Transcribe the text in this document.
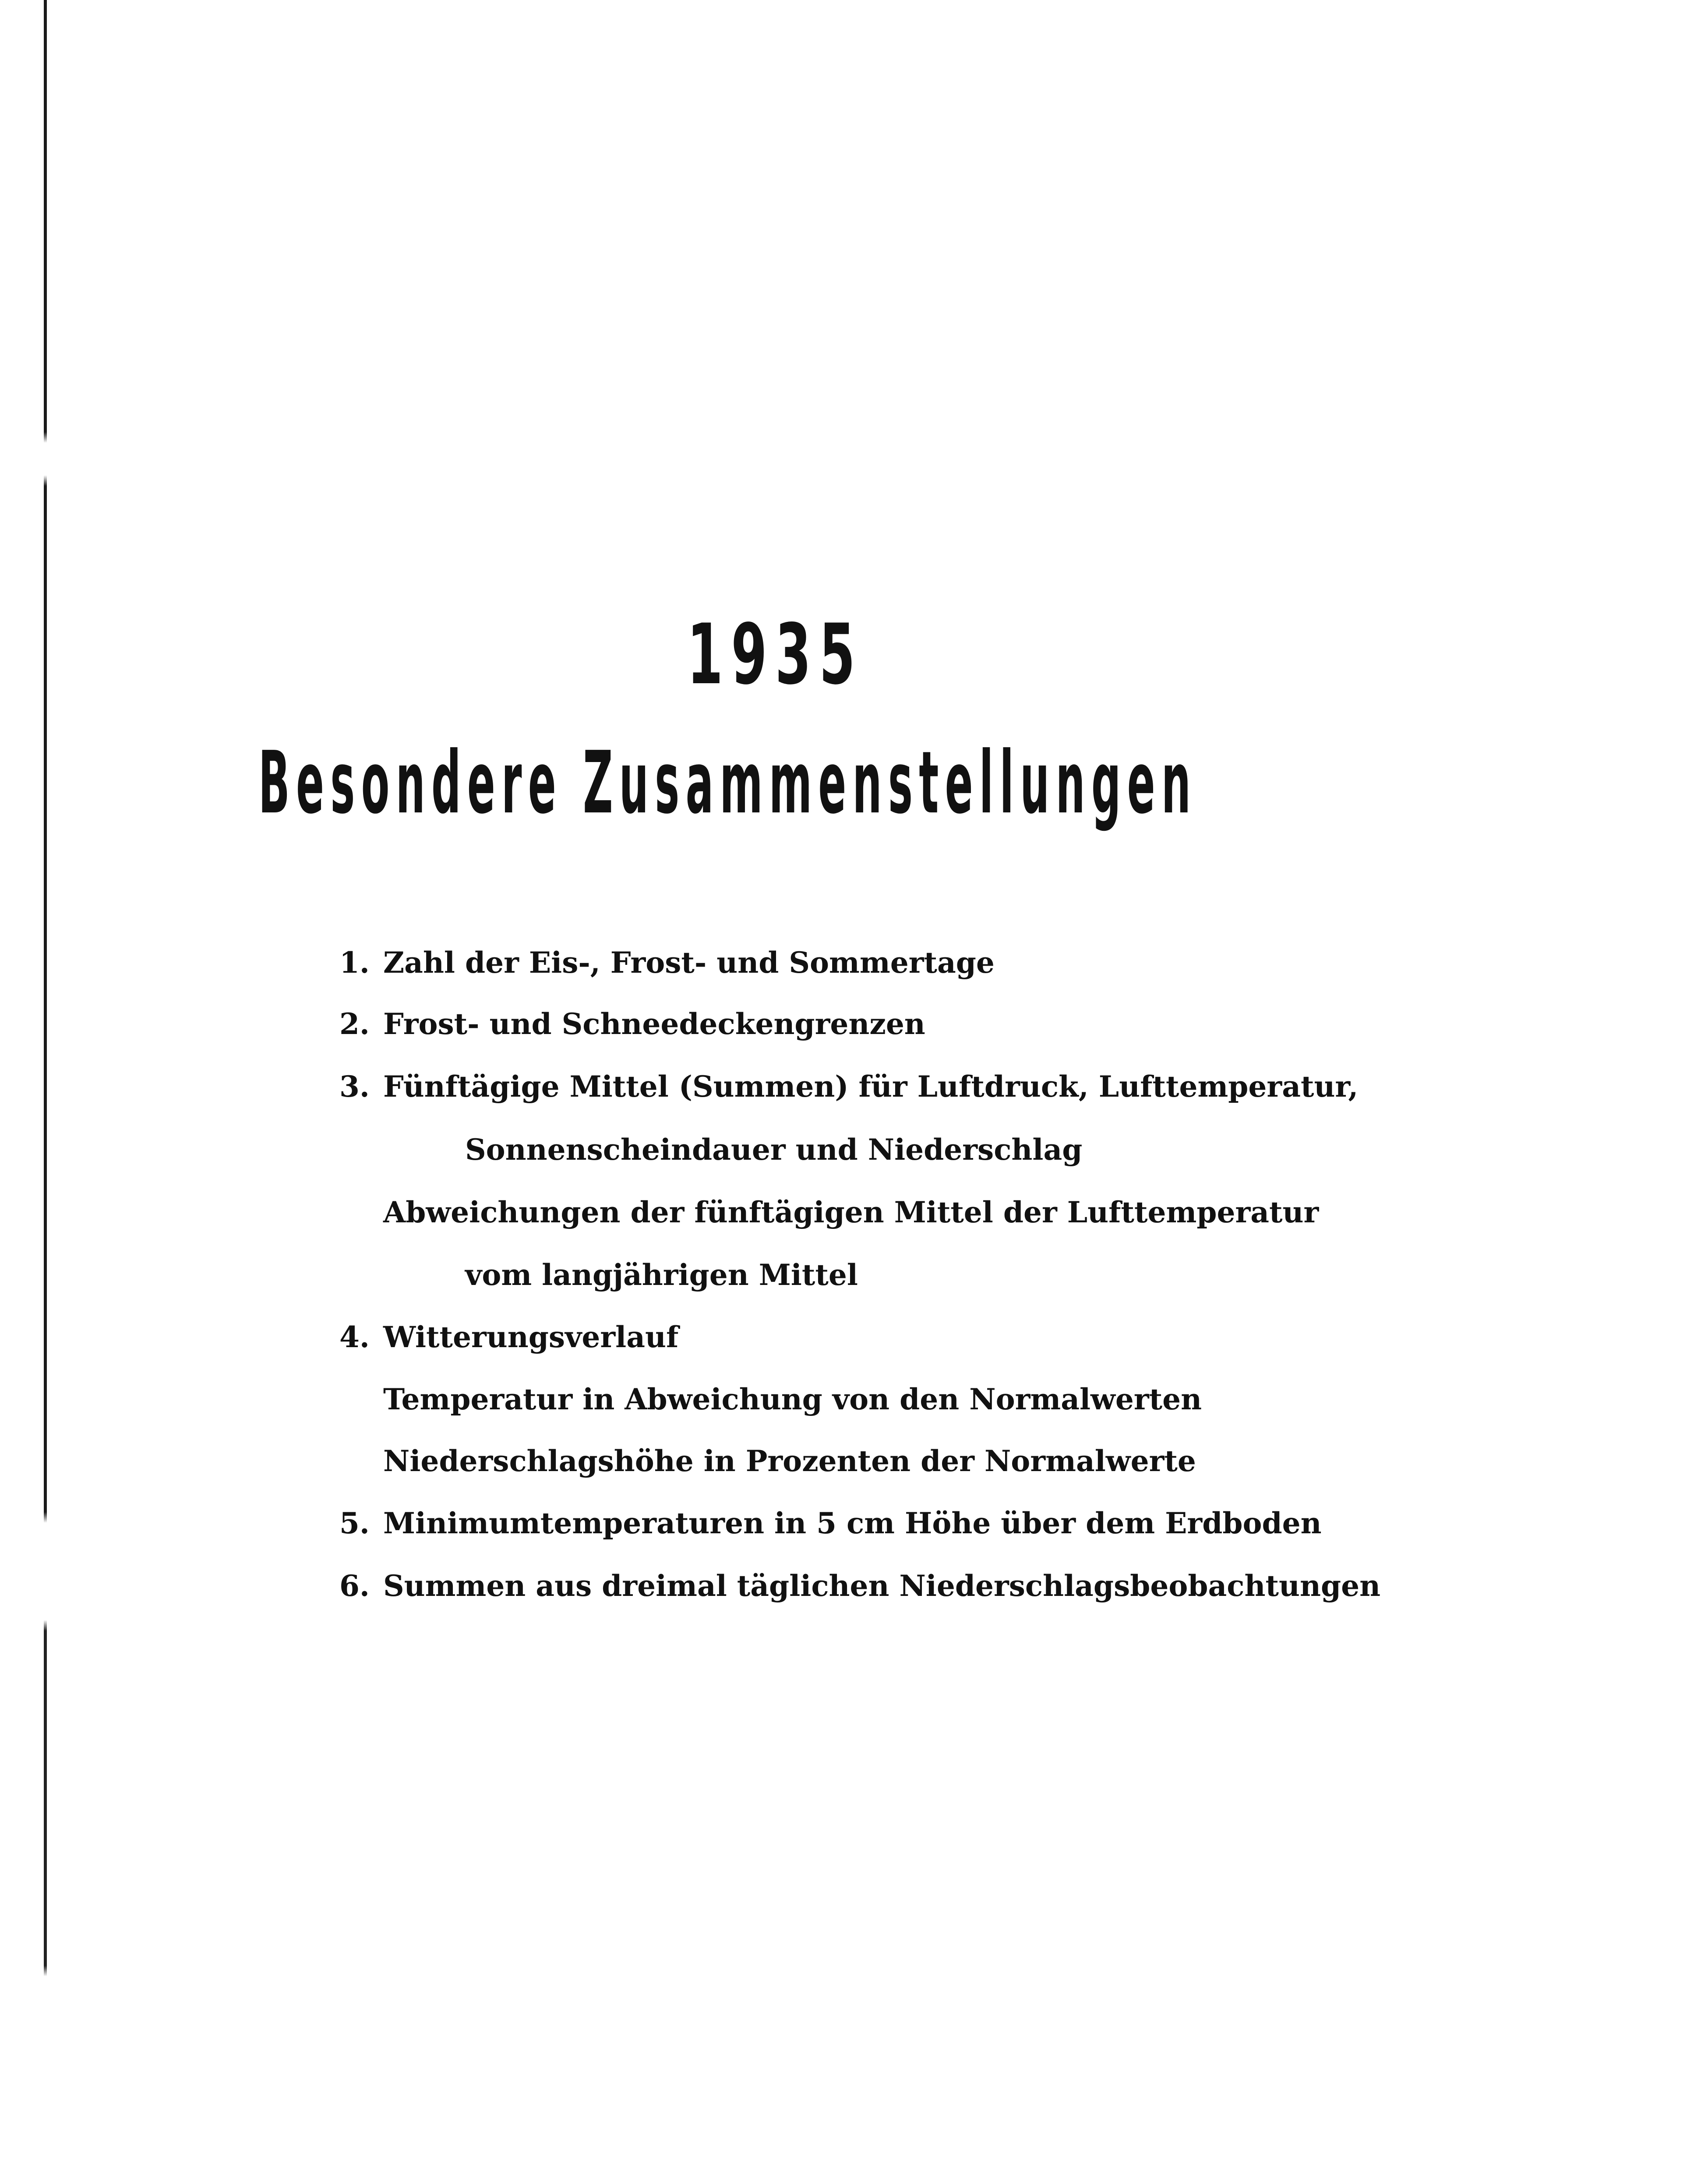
1935
Besondere Zusammenstellungen
1. Zahl der Eis-, Frost- und Sommertage
2. Frost- und Schneedeckengrenzen
3. Fünftägige Mittel (Summen) für Luftdruck, Lufttemperatur,
Sonnenscheindauer und Niederschlag
Abweichungen der fünftägigen Mittel der Lufttemperatur
vom langjährigen Mittel
4. Witterungsverlauf
Temperatur in Abweichung von den Normalwerten
Niederschlagshöhe in Prozenten der Normalwerte
5. Minimumtemperaturen in 5 cm Höhe über dem Erdboden
6. Summen aus dreimal täglichen Niederschlagsbeobachtungen
